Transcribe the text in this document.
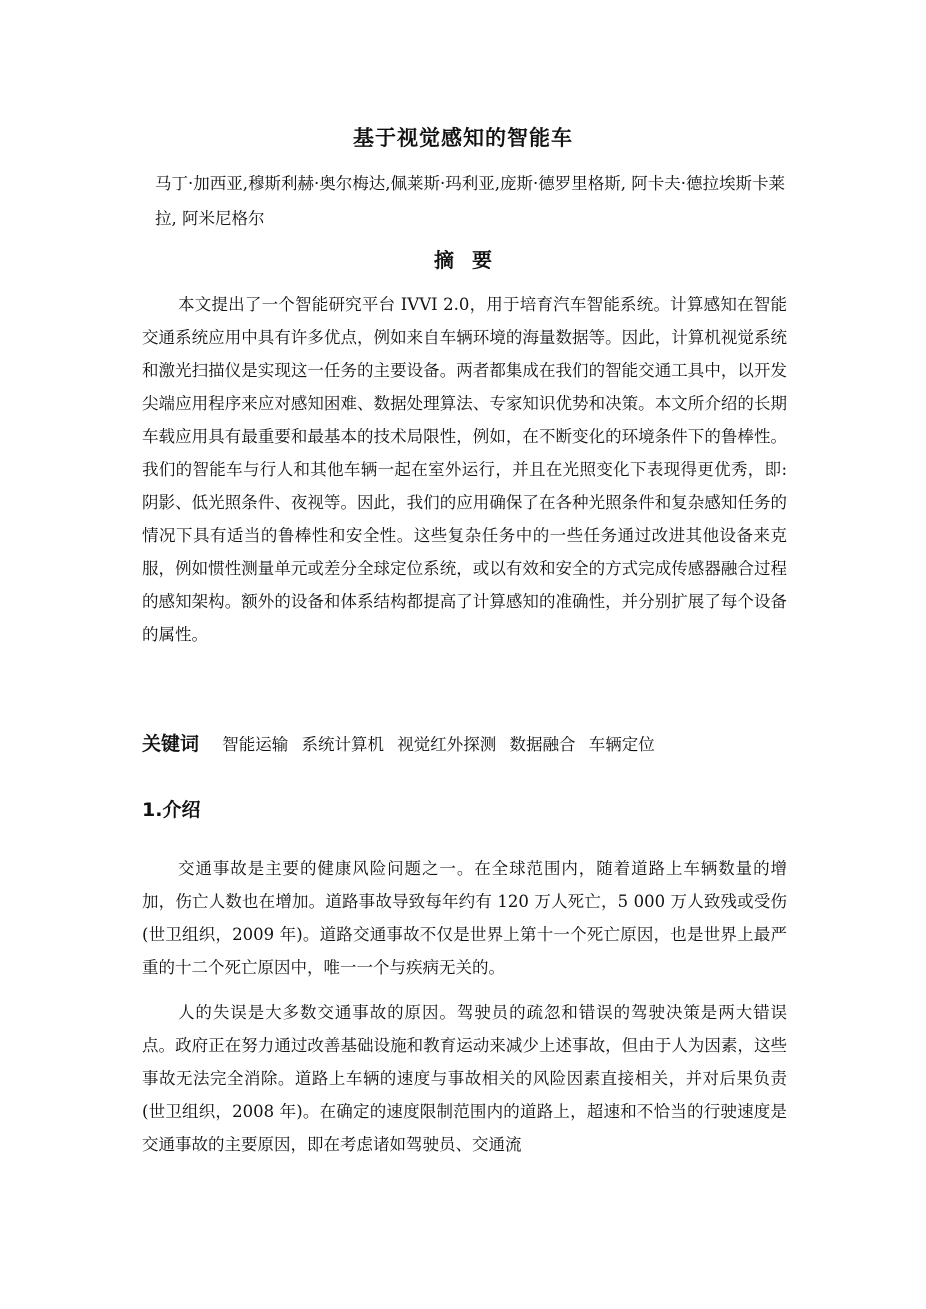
基于视觉感知的智能车
马丁·加西亚,穆斯利赫·奥尔梅达,佩莱斯·玛利亚,庞斯·德罗里格斯, 阿卡夫·德拉埃斯卡莱拉, 阿米尼格尔
摘要

本文提出了一个智能研究平台 IVVI 2.0，用于培育汽车智能系统。计算感知在智能交通系统应用中具有许多优点，例如来自车辆环境的海量数据等。因此，计算机视觉系统和激光扫描仪是实现这一任务的主要设备。两者都集成在我们的智能交通工具中，以开发尖端应用程序来应对感知困难、数据处理算法、专家知识优势和决策。本文所介绍的长期车载应用具有最重要和最基本的技术局限性，例如，在不断变化的环境条件下的鲁棒性。我们的智能车与行人和其他车辆一起在室外运行，并且在光照变化下表现得更优秀，即:阴影、低光照条件、夜视等。因此，我们的应用确保了在各种光照条件和复杂感知任务的情况下具有适当的鲁棒性和安全性。这些复杂任务中的一些任务通过改进其他设备来克服，例如惯性测量单元或差分全球定位系统，或以有效和安全的方式完成传感器融合过程的感知架构。额外的设备和体系结构都提高了计算感知的准确性，并分别扩展了每个设备的属性。

关键词 智能运输 系统计算机 视觉红外探测 数据融合 车辆定位
1.介绍

交通事故是主要的健康风险问题之一。在全球范围内，随着道路上车辆数量的增加，伤亡人数也在增加。道路事故导致每年约有 120 万人死亡，5 000 万人致残或受伤(世卫组织，2009 年)。道路交通事故不仅是世界上第十一个死亡原因，也是世界上最严重的十二个死亡原因中，唯一一个与疾病无关的。

人的失误是大多数交通事故的原因。驾驶员的疏忽和错误的驾驶决策是两大错误点。政府正在努力通过改善基础设施和教育运动来减少上述事故，但由于人为因素，这些事故无法完全消除。道路上车辆的速度与事故相关的风险因素直接相关，并对后果负责(世卫组织，2008 年)。在确定的速度限制范围内的道路上，超速和不恰当的行驶速度是交通事故的主要原因，即在考虑诸如驾驶员、交通流
